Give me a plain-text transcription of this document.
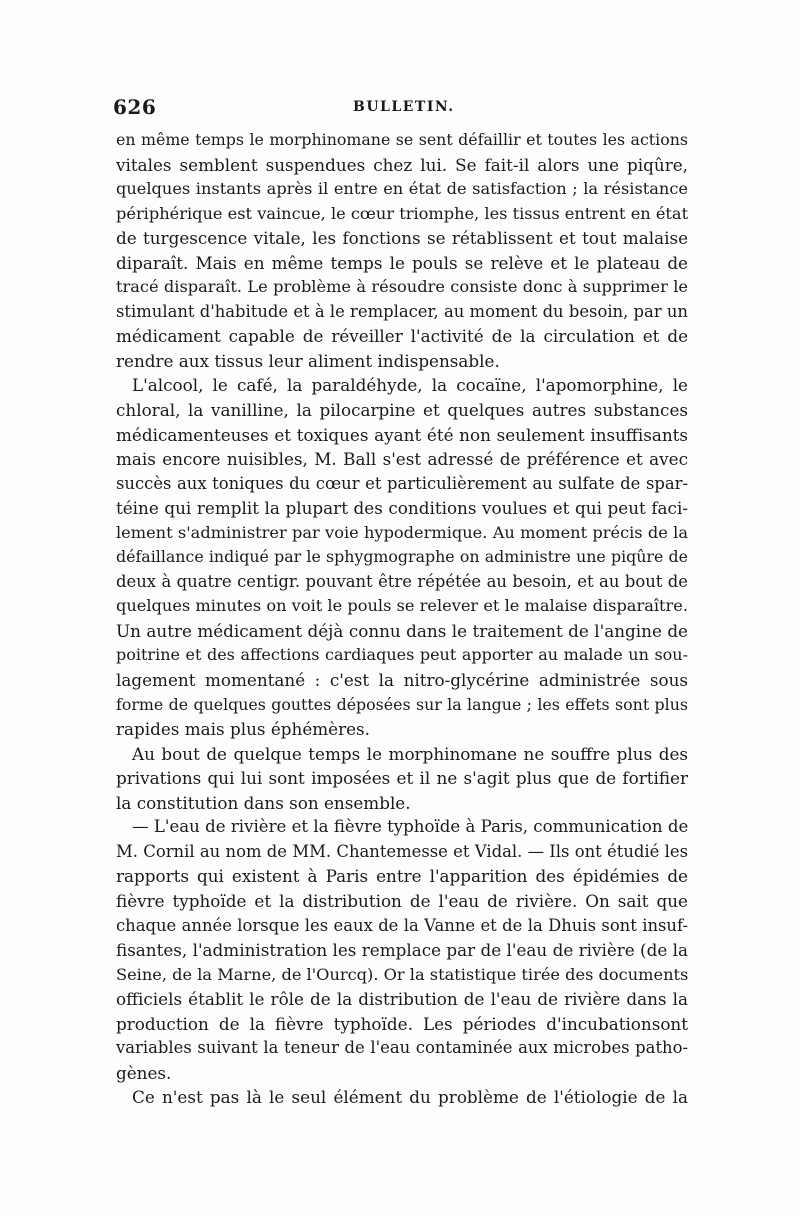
626	BULLETIN.
en même temps le morphinomane se sent défaillir et toutes les actions
vitales semblent suspendues chez lui. Se fait-il alors une piqûre,
quelques instants après il entre en état de satisfaction ; la résistance
périphérique est vaincue, le cœur triomphe, les tissus entrent en état
de turgescence vitale, les fonctions se rétablissent et tout malaise
diparaît. Mais en même temps le pouls se relève et le plateau de
tracé disparaît. Le problème à résoudre consiste donc à supprimer le
stimulant d'habitude et à le remplacer, au moment du besoin, par un
médicament capable de réveiller l'activité de la circulation et de
rendre aux tissus leur aliment indispensable.
L'alcool, le café, la paraldéhyde, la cocaïne, l'apomorphine, le
chloral, la vanilline, la pilocarpine et quelques autres substances
médicamenteuses et toxiques ayant été non seulement insuffisants
mais encore nuisibles, M. Ball s'est adressé de préférence et avec
succès aux toniques du cœur et particulièrement au sulfate de spar-
téine qui remplit la plupart des conditions voulues et qui peut faci-
lement s'administrer par voie hypodermique. Au moment précis de la
défaillance indiqué par le sphygmographe on administre une piqûre de
deux à quatre centigr. pouvant être répétée au besoin, et au bout de
quelques minutes on voit le pouls se relever et le malaise disparaître.
Un autre médicament déjà connu dans le traitement de l'angine de
poitrine et des affections cardiaques peut apporter au malade un sou-
lagement momentané : c'est la nitro-glycérine administrée sous
forme de quelques gouttes déposées sur la langue ; les effets sont plus
rapides mais plus éphémères.
Au bout de quelque temps le morphinomane ne souffre plus des
privations qui lui sont imposées et il ne s'agit plus que de fortifier
la constitution dans son ensemble.
— L'eau de rivière et la fièvre typhoïde à Paris, communication de
M. Cornil au nom de MM. Chantemesse et Vidal. — Ils ont étudié les
rapports qui existent à Paris entre l'apparition des épidémies de
fièvre typhoïde et la distribution de l'eau de rivière. On sait que
chaque année lorsque les eaux de la Vanne et de la Dhuis sont insuf-
fisantes, l'administration les remplace par de l'eau de rivière (de la
Seine, de la Marne, de l'Ourcq). Or la statistique tirée des documents
officiels établit le rôle de la distribution de l'eau de rivière dans la
production de la fièvre typhoïde. Les périodes d'incubationsont
variables suivant la teneur de l'eau contaminée aux microbes patho-
gènes.
Ce n'est pas là le seul élément du problème de l'étiologie de la
